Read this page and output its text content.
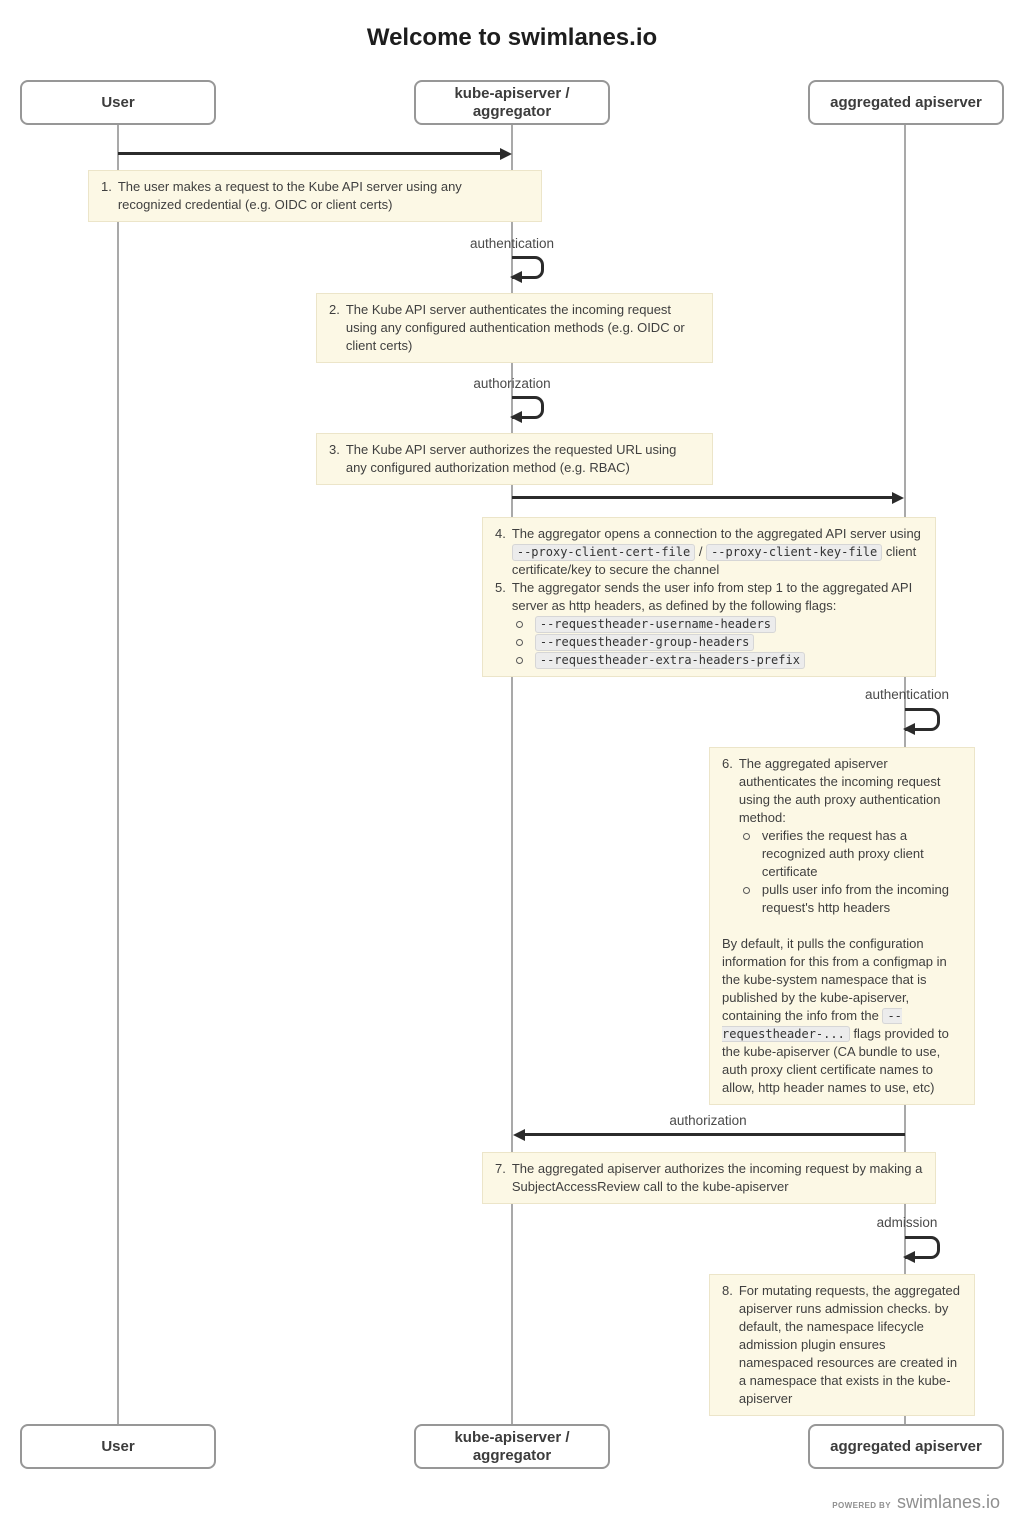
Welcome to swimlanes.io
User
kube-apiserver /
aggregator
aggregated apiserver
1. The user makes a request to the Kube API server using any recognized credential (e.g. OIDC or client certs)
authentication
2. The Kube API server authenticates the incoming request using any configured authentication methods (e.g. OIDC or client certs)
authorization
3. The Kube API server authorizes the requested URL using any configured authorization method (e.g. RBAC)
4. The aggregator opens a connection to the aggregated API server using --proxy-client-cert-file / --proxy-client-key-file client certificate/key to secure the channel
5. The aggregator sends the user info from step 1 to the aggregated API server as http headers, as defined by the following flags:
--requestheader-username-headers
--requestheader-group-headers
--requestheader-extra-headers-prefix
authentication
6. The aggregated apiserver authenticates the incoming request using the auth proxy authentication method:
verifies the request has a recognized auth proxy client certificate
pulls user info from the incoming request's http headers
By default, it pulls the configuration information for this from a configmap in the kube-system namespace that is published by the kube-apiserver, containing the info from the --requestheader-... flags provided to the kube-apiserver (CA bundle to use, auth proxy client certificate names to allow, http header names to use, etc)
authorization
7. The aggregated apiserver authorizes the incoming request by making a SubjectAccessReview call to the kube-apiserver
admission
8. For mutating requests, the aggregated apiserver runs admission checks. by default, the namespace lifecycle admission plugin ensures namespaced resources are created in a namespace that exists in the kube-apiserver
User
kube-apiserver /
aggregator
aggregated apiserver
POWERED BY swimlanes.io
